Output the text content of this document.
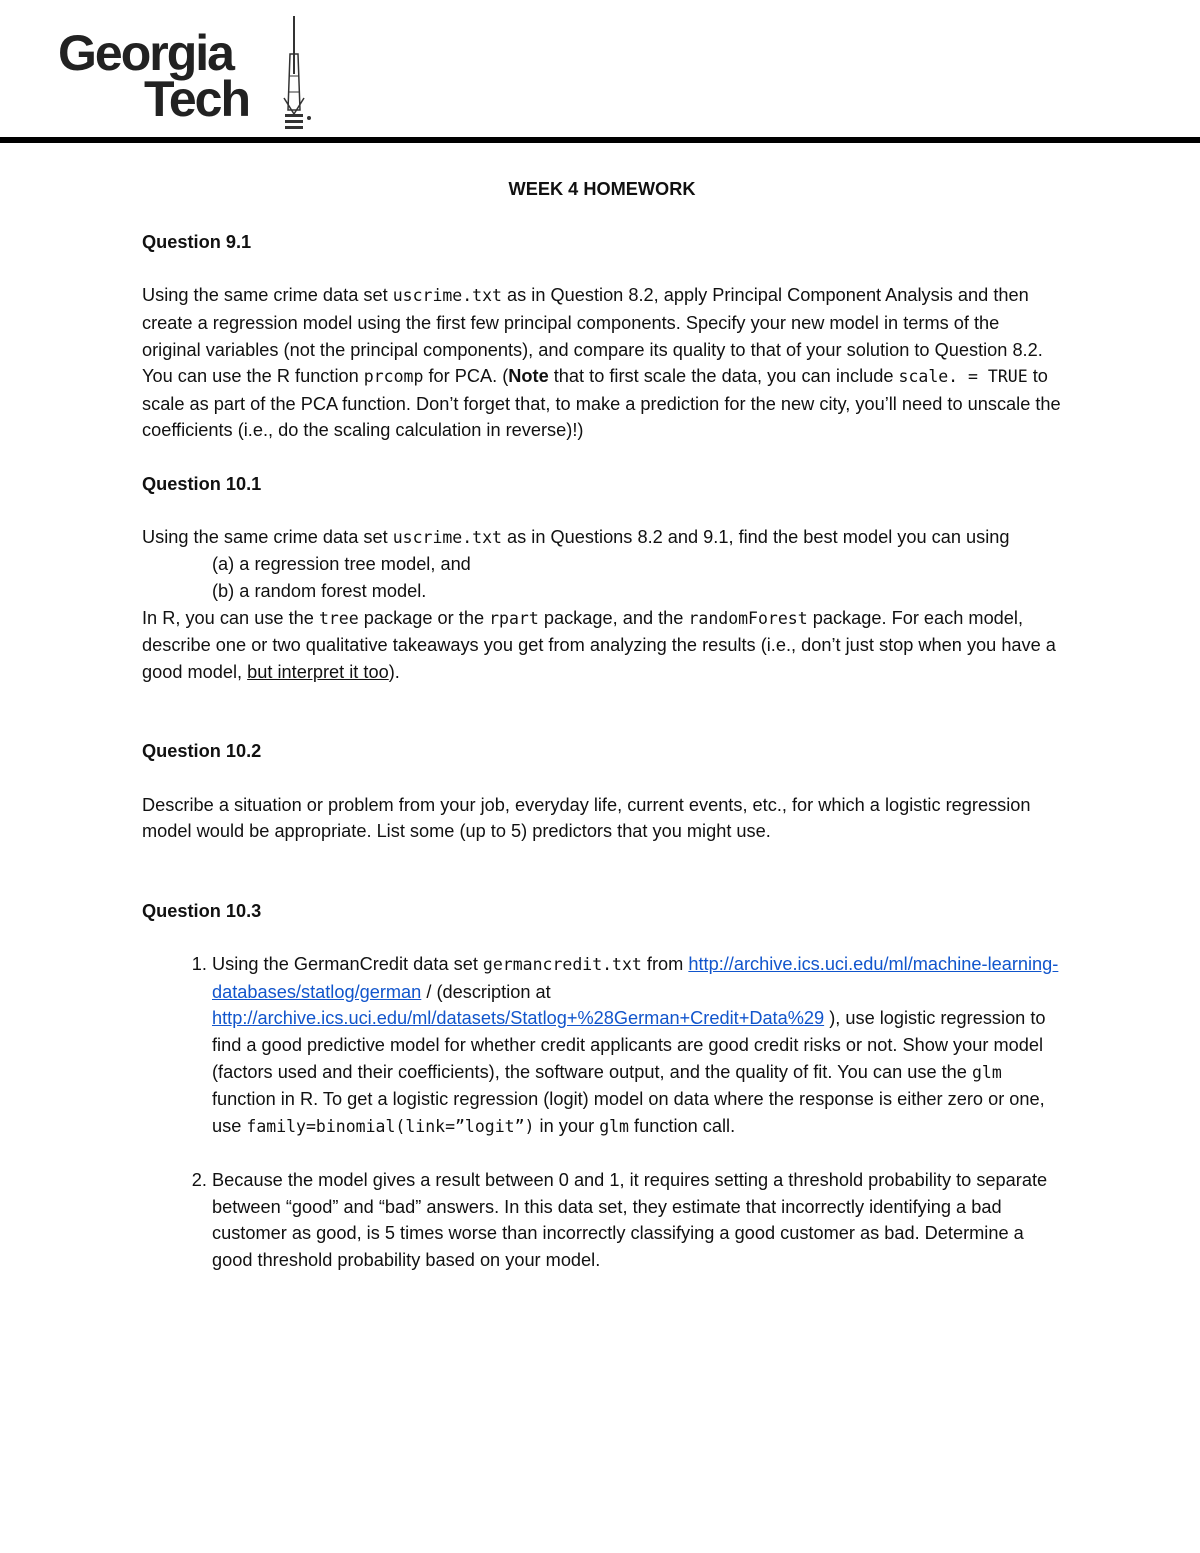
Georgia
Tech

WEEK 4 HOMEWORK

Question 9.1

Using the same crime data set uscrime.txt as in Question 8.2, apply Principal Component Analysis and then create a regression model using the first few principal components. Specify your new model in terms of the original variables (not the principal components), and compare its quality to that of your solution to Question 8.2. You can use the R function prcomp for PCA. (Note that to first scale the data, you can include scale. = TRUE to scale as part of the PCA function. Don’t forget that, to make a prediction for the new city, you’ll need to unscale the coefficients (i.e., do the scaling calculation in reverse)!)

Question 10.1

Using the same crime data set uscrime.txt as in Questions 8.2 and 9.1, find the best model you can using

(a) a regression tree model, and

(b) a random forest model.

In R, you can use the tree package or the rpart package, and the randomForest package. For each model, describe one or two qualitative takeaways you get from analyzing the results (i.e., don’t just stop when you have a good model, but interpret it too).

Question 10.2

Describe a situation or problem from your job, everyday life, current events, etc., for which a logistic regression model would be appropriate. List some (up to 5) predictors that you might use.

Question 10.3

1. Using the GermanCredit data set germancredit.txt from http://archive.ics.uci.edu/ml/machine-learning-databases/statlog/german / (description at http://archive.ics.uci.edu/ml/datasets/Statlog+%28German+Credit+Data%29 ), use logistic regression to find a good predictive model for whether credit applicants are good credit risks or not. Show your model (factors used and their coefficients), the software output, and the quality of fit. You can use the glm function in R. To get a logistic regression (logit) model on data where the response is either zero or one, use family=binomial(link=”logit”) in your glm function call.
2. Because the model gives a result between 0 and 1, it requires setting a threshold probability to separate between “good” and “bad” answers. In this data set, they estimate that incorrectly identifying a bad customer as good, is 5 times worse than incorrectly classifying a good customer as bad. Determine a good threshold probability based on your model.
